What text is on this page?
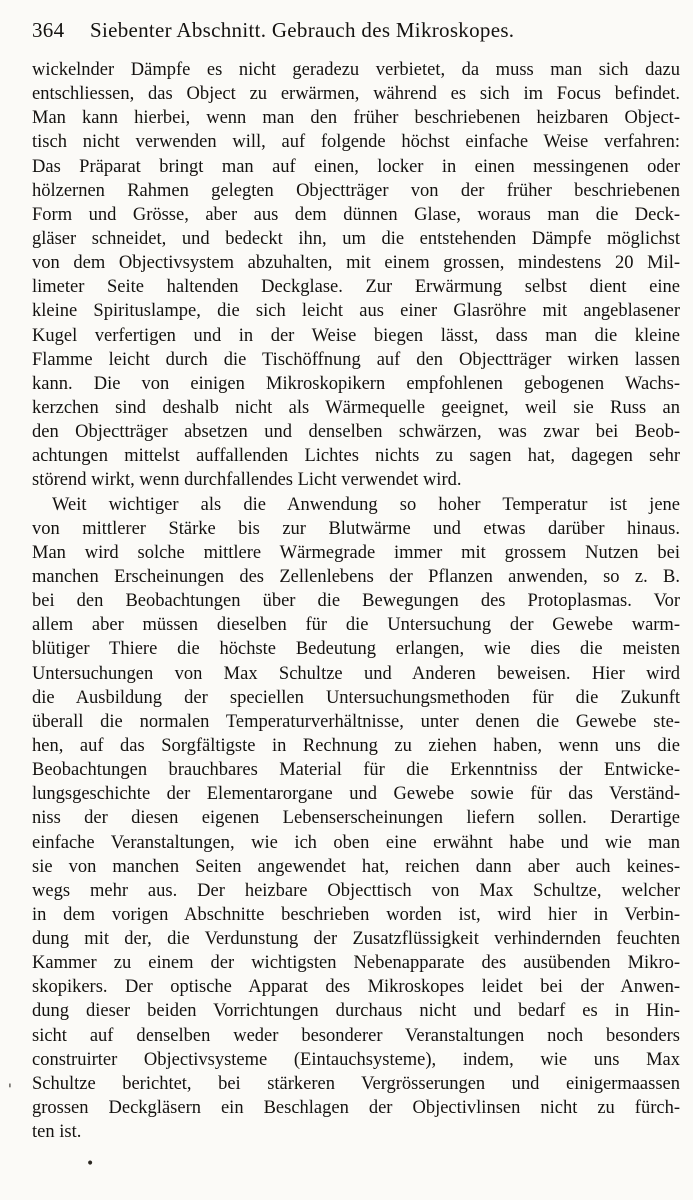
364 Siebenter Abschnitt. Gebrauch des Mikroskopes.
wickelnder Dämpfe es nicht geradezu verbietet, da muss man sich dazu
entschliessen, das Object zu erwärmen, während es sich im Focus befindet.
Man kann hierbei, wenn man den früher beschriebenen heizbaren Object-
tisch nicht verwenden will, auf folgende höchst einfache Weise verfahren:
Das Präparat bringt man auf einen, locker in einen messingenen oder
hölzernen Rahmen gelegten Objectträger von der früher beschriebenen
Form und Grösse, aber aus dem dünnen Glase, woraus man die Deck-
gläser schneidet, und bedeckt ihn, um die entstehenden Dämpfe möglichst
von dem Objectivsystem abzuhalten, mit einem grossen, mindestens 20 Mil-
limeter Seite haltenden Deckglase. Zur Erwärmung selbst dient eine
kleine Spirituslampe, die sich leicht aus einer Glasröhre mit angeblasener
Kugel verfertigen und in der Weise biegen lässt, dass man die kleine
Flamme leicht durch die Tischöffnung auf den Objectträger wirken lassen
kann. Die von einigen Mikroskopikern empfohlenen gebogenen Wachs-
kerzchen sind deshalb nicht als Wärmequelle geeignet, weil sie Russ an
den Objectträger absetzen und denselben schwärzen, was zwar bei Beob-
achtungen mittelst auffallenden Lichtes nichts zu sagen hat, dagegen sehr
störend wirkt, wenn durchfallendes Licht verwendet wird.
Weit wichtiger als die Anwendung so hoher Temperatur ist jene
von mittlerer Stärke bis zur Blutwärme und etwas darüber hinaus.
Man wird solche mittlere Wärmegrade immer mit grossem Nutzen bei
manchen Erscheinungen des Zellenlebens der Pflanzen anwenden, so z. B.
bei den Beobachtungen über die Bewegungen des Protoplasmas. Vor
allem aber müssen dieselben für die Untersuchung der Gewebe warm-
blütiger Thiere die höchste Bedeutung erlangen, wie dies die meisten
Untersuchungen von Max Schultze und Anderen beweisen. Hier wird
die Ausbildung der speciellen Untersuchungsmethoden für die Zukunft
überall die normalen Temperaturverhältnisse, unter denen die Gewebe ste-
hen, auf das Sorgfältigste in Rechnung zu ziehen haben, wenn uns die
Beobachtungen brauchbares Material für die Erkenntniss der Entwicke-
lungsgeschichte der Elementarorgane und Gewebe sowie für das Verständ-
niss der diesen eigenen Lebenserscheinungen liefern sollen. Derartige
einfache Veranstaltungen, wie ich oben eine erwähnt habe und wie man
sie von manchen Seiten angewendet hat, reichen dann aber auch keines-
wegs mehr aus. Der heizbare Objecttisch von Max Schultze, welcher
in dem vorigen Abschnitte beschrieben worden ist, wird hier in Verbin-
dung mit der, die Verdunstung der Zusatzflüssigkeit verhindernden feuchten
Kammer zu einem der wichtigsten Nebenapparate des ausübenden Mikro-
skopikers. Der optische Apparat des Mikroskopes leidet bei der Anwen-
dung dieser beiden Vorrichtungen durchaus nicht und bedarf es in Hin-
sicht auf denselben weder besonderer Veranstaltungen noch besonders
construirter Objectivsysteme (Eintauchsysteme), indem, wie uns Max
Schultze berichtet, bei stärkeren Vergrösserungen und einigermaassen
grossen Deckgläsern ein Beschlagen der Objectivlinsen nicht zu fürch-
ten ist.
'
•
